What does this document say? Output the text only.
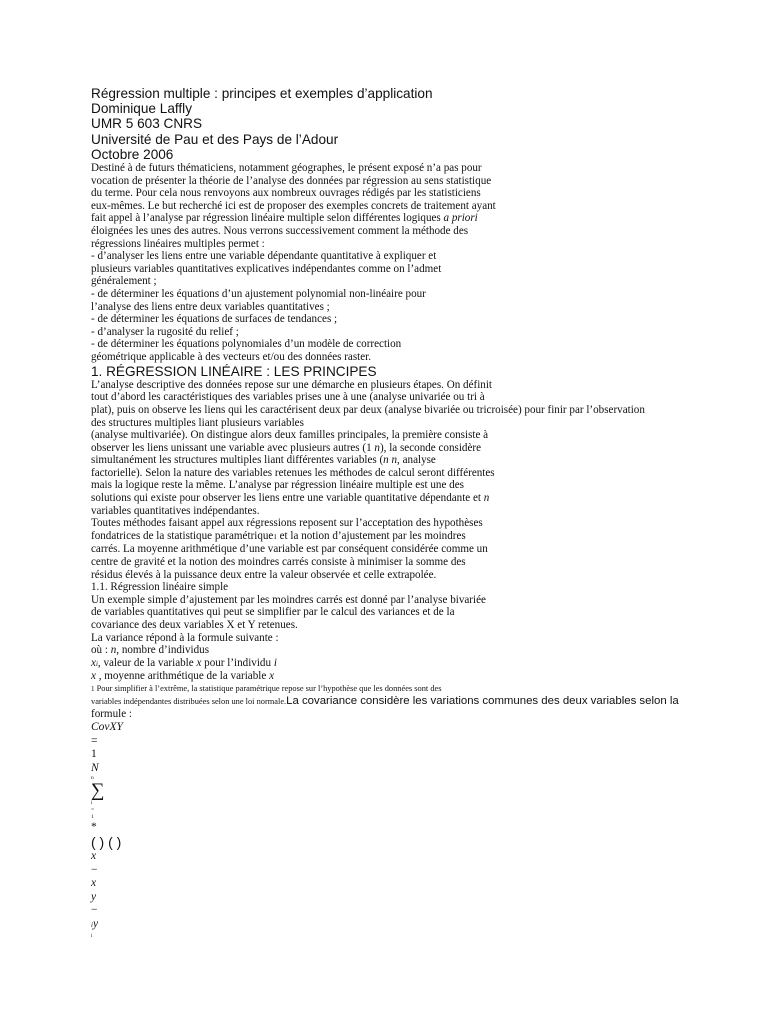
Régression multiple : principes et exemples d’application
Dominique Laffly
UMR 5 603 CNRS
Université de Pau et des Pays de l’Adour
Octobre 2006
Destiné à de futurs thématiciens, notamment géographes, le présent exposé n’a pas pour
vocation de présenter la théorie de l’analyse des données par régression au sens statistique
du terme. Pour cela nous renvoyons aux nombreux ouvrages rédigés par les statisticiens
eux-mêmes. Le but recherché ici est de proposer des exemples concrets de traitement ayant
fait appel à l’analyse par régression linéaire multiple selon différentes logiques a priori
éloignées les unes des autres. Nous verrons successivement comment la méthode des
régressions linéaires multiples permet :
- d’analyser les liens entre une variable dépendante quantitative à expliquer et
plusieurs variables quantitatives explicatives indépendantes comme on l’admet
généralement ;
- de déterminer les équations d’un ajustement polynomial non-linéaire pour
l’analyse des liens entre deux variables quantitatives ;
- de déterminer les équations de surfaces de tendances ;
- d’analyser la rugosité du relief ;
- de déterminer les équations polynomiales d’un modèle de correction
géométrique applicable à des vecteurs et/ou des données raster.
1. RÉGRESSION LINÉAIRE : LES PRINCIPES
L’analyse descriptive des données repose sur une démarche en plusieurs étapes. On définit
tout d’abord les caractéristiques des variables prises une à une (analyse univariée ou tri à
plat), puis on observe les liens qui les caractérisent deux par deux (analyse bivariée ou tricroisée) pour finir par l’observation
des structures multiples liant plusieurs variables
(analyse multivariée). On distingue alors deux familles principales, la première consiste à
observer les liens unissant une variable avec plusieurs autres (1 n), la seconde considère
simultanément les structures multiples liant différentes variables (n n, analyse
factorielle). Selon la nature des variables retenues les méthodes de calcul seront différentes
mais la logique reste la même. L’analyse par régression linéaire multiple est une des
solutions qui existe pour observer les liens entre une variable quantitative dépendante et n
variables quantitatives indépendantes.
Toutes méthodes faisant appel aux régressions reposent sur l’acceptation des hypothèses
fondatrices de la statistique paramétrique1 et la notion d’ajustement par les moindres
carrés. La moyenne arithmétique d’une variable est par conséquent considérée comme un
centre de gravité et la notion des moindres carrés consiste à minimiser la somme des
résidus élevés à la puissance deux entre la valeur observée et celle extrapolée.
1.1. Régression linéaire simple
Un exemple simple d’ajustement par les moindres carrés est donné par l’analyse bivariée
de variables quantitatives qui peut se simplifier par le calcul des variances et de la
covariance des deux variables X et Y retenues.
La variance répond à la formule suivante :
où : n, nombre d’individus
xi, valeur de la variable x pour l’individu i
x , moyenne arithmétique de la variable x
1 Pour simplifier à l’extrême, la statistique paramétrique repose sur l’hypothèse que les données sont des
variables indépendantes distribuées selon une loi normale.La covariance considère les variations communes des deux variables selon la
formule :
CovXY
=
1
N
n
∑
i
=
1
*
( ) ( )
x
−
x
y
−
iy
i
